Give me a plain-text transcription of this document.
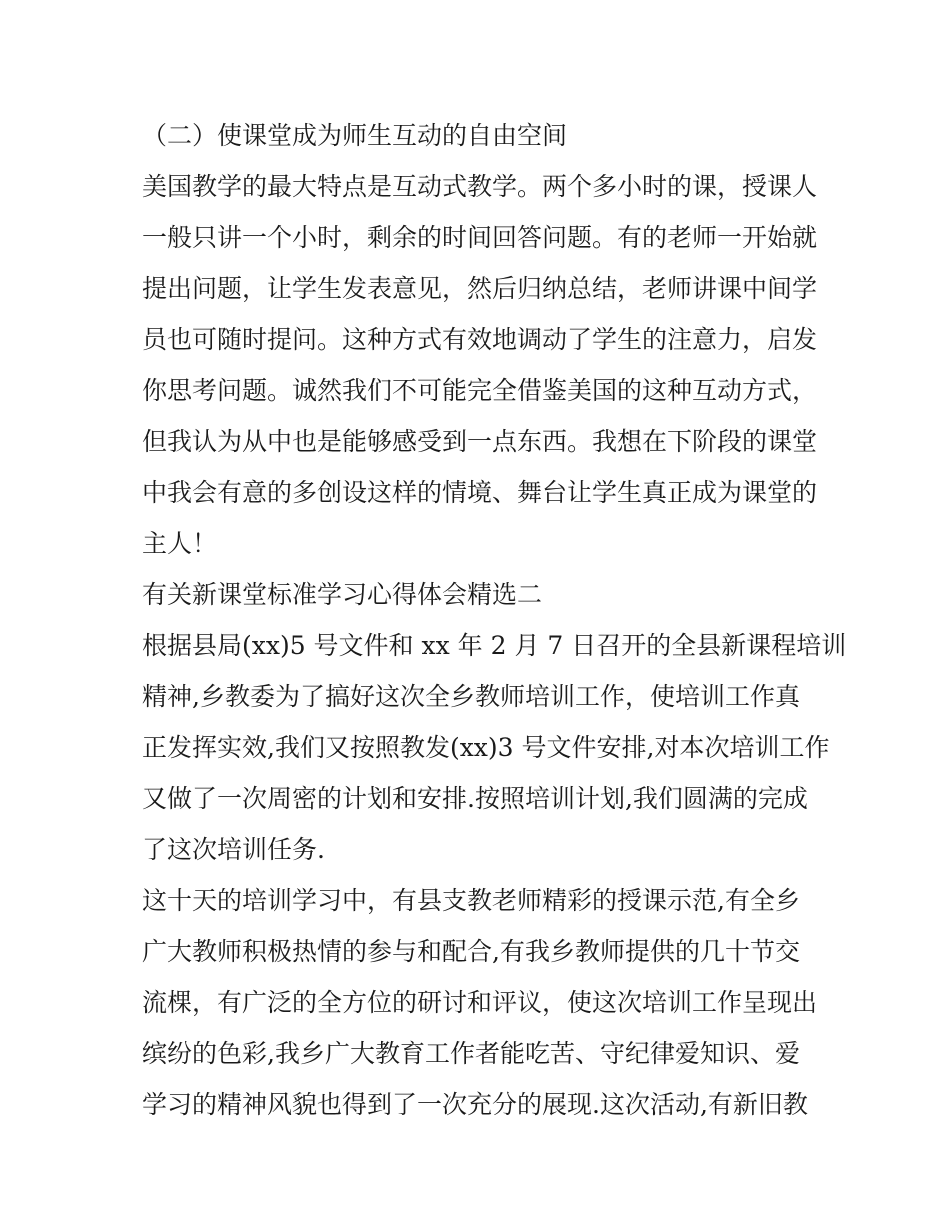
（二）使课堂成为师生互动的自由空间
美国教学的最大特点是互动式教学。两个多小时的课，授课人
一般只讲一个小时，剩余的时间回答问题。有的老师一开始就
提出问题，让学生发表意见，然后归纳总结，老师讲课中间学
员也可随时提问。这种方式有效地调动了学生的注意力，启发
你思考问题。诚然我们不可能完全借鉴美国的这种互动方式，
但我认为从中也是能够感受到一点东西。我想在下阶段的课堂
中我会有意的多创设这样的情境、舞台让学生真正成为课堂的
主人！
有关新课堂标准学习心得体会精选二
根据县局(xx)5 号文件和 xx 年 2 月 7 日召开的全县新课程培训
精神,乡教委为了搞好这次全乡教师培训工作，使培训工作真
正发挥实效,我们又按照教发(xx)3 号文件安排,对本次培训工作
又做了一次周密的计划和安排.按照培训计划,我们圆满的完成
了这次培训任务.
这十天的培训学习中，有县支教老师精彩的授课示范,有全乡
广大教师积极热情的参与和配合,有我乡教师提供的几十节交
流棵，有广泛的全方位的研讨和评议，使这次培训工作呈现出
缤纷的色彩,我乡广大教育工作者能吃苦、守纪律爱知识、爱
学习的精神风貌也得到了一次充分的展现.这次活动,有新旧教
